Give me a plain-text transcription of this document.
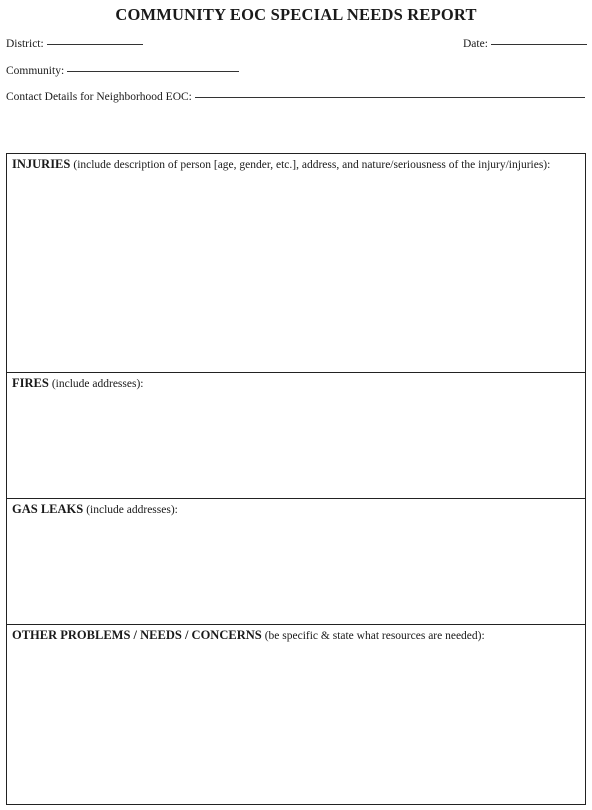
COMMUNITY EOC SPECIAL NEEDS REPORT
District:	Date:
Community:
Contact Details for Neighborhood EOC:
INJURIES (include description of person [age, gender, etc.], address, and nature/seriousness of the injury/injuries):
FIRES (include addresses):
GAS LEAKS (include addresses):
OTHER PROBLEMS / NEEDS / CONCERNS (be specific & state what resources are needed):
